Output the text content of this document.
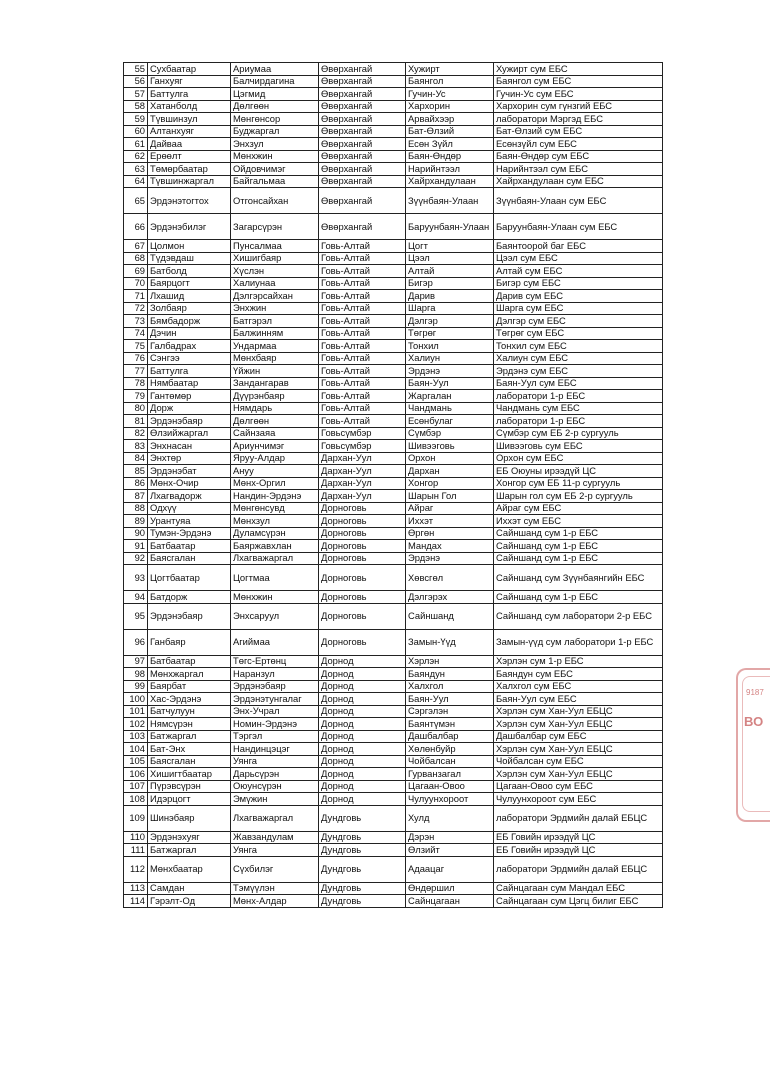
55	Сухбаатар	Ариумаа	Өвөрхангай	Хужирт	Хужирт сум ЕБС
56	Ганхуяг	Балчирдагина	Өвөрхангай	Баянгол	Баянгол сум ЕБС
57	Баттулга	Цэгмид	Өвөрхангай	Гучин-Ус	Гучин-Ус сум ЕБС
58	Хатанболд	Дөлгөөн	Өвөрхангай	Хархорин	Хархорин сум гүнзгий ЕБС
59	Түвшинзул	Мөнгөнсор	Өвөрхангай	Арвайхээр	лаборатори Мэргэд ЕБС
60	Алтанхуяг	Буджаргал	Өвөрхангай	Бат-Өлзий	Бат-Өлзий сум ЕБС
61	Дайваа	Энхзул	Өвөрхангай	Есөн Зүйл	Есөнзүйл сум ЕБС
62	Ерөөлт	Мөнхжин	Өвөрхангай	Баян-Өндөр	Баян-Өндөр сум ЕБС
63	Төмөрбаатар	Ойдовчимэг	Өвөрхангай	Нарийнтээл	Нарийнтээл сум ЕБС
64	Түвшинжаргал	Байгальмаа	Өвөрхангай	Хайрхандулаан	Хайрхандулаан сум ЕБС
65	Эрдэнэтогтох	Отгонсайхан	Өвөрхангай	Зүүнбаян-Улаан	Зүүнбаян-Улаан сум ЕБС
66	Эрдэнэбилэг	Загарсүрэн	Өвөрхангай	Баруунбаян-Улаан	Баруунбаян-Улаан сум ЕБС
67	Цолмон	Пунсалмаа	Говь-Алтай	Цогт	Баянтоорой баг ЕБС
68	Түдэвдаш	Хишигбаяр	Говь-Алтай	Цээл	Цээл сум ЕБС
69	Батболд	Хүслэн	Говь-Алтай	Алтай	Алтай сум ЕБС
70	Баярцогт	Халиунаа	Говь-Алтай	Бигэр	Бигэр сум ЕБС
71	Лхашид	Дэлгэрсайхан	Говь-Алтай	Дарив	Дарив сум ЕБС
72	Золбаяр	Энхжин	Говь-Алтай	Шарга	Шарга сум ЕБС
73	Бямбадорж	Батгэрэл	Говь-Алтай	Дэлгэр	Дэлгэр сум ЕБС
74	Дэчин	Балжинням	Говь-Алтай	Төгрөг	Төгрөг сум ЕБС
75	Галбадрах	Ундармаа	Говь-Алтай	Тонхил	Тонхил сум ЕБС
76	Сэнгээ	Мөнхбаяр	Говь-Алтай	Халиун	Халиун сум ЕБС
77	Баттулга	Үйжин	Говь-Алтай	Эрдэнэ	Эрдэнэ сум ЕБС
78	Нямбаатар	Зандангарав	Говь-Алтай	Баян-Уул	Баян-Уул сум ЕБС
79	Гантөмөр	Дүүрэнбаяр	Говь-Алтай	Жаргалан	лаборатори 1-р ЕБС
80	Дорж	Нямдарь	Говь-Алтай	Чандмань	Чандмань сум ЕБС
81	Эрдэнэбаяр	Дөлгөөн	Говь-Алтай	Есөнбулаг	лаборатори 1-р ЕБС
82	Өлзийжаргал	Сайнзаяа	Говьсүмбэр	Сүмбэр	Сүмбэр сум ЕБ 2-р сургууль
83	Энхнасан	Ариунчимэг	Говьсүмбэр	Шивээговь	Шивээговь сум ЕБС
84	Энхтөр	Яруу-Алдар	Дархан-Уул	Орхон	Орхон сум ЕБС
85	Эрдэнэбат	Ануу	Дархан-Уул	Дархан	ЕБ Оюуны ирээдүй ЦС
86	Мөнх-Очир	Мөнх-Оргил	Дархан-Уул	Хонгор	Хонгор сум ЕБ 11-р сургууль
87	Лхагвадорж	Нандин-Эрдэнэ	Дархан-Уул	Шарын Гол	Шарын гол сум ЕБ 2-р сургууль
88	Одхүү	Мөнгөнсувд	Дорноговь	Айраг	Айраг сум ЕБС
89	Урантуяа	Мөнхзул	Дорноговь	Иххэт	Иххэт сум ЕБС
90	Тумэн-Эрдэнэ	Дуламсүрэн	Дорноговь	Өргөн	Сайншанд сум 1-р ЕБС
91	Батбаатар	Баяржавхлан	Дорноговь	Мандах	Сайншанд сум 1-р ЕБС
92	Баясгалан	Лхагважаргал	Дорноговь	Эрдэнэ	Сайншанд сум 1-р ЕБС
93	Цогтбаатар	Цогтмаа	Дорноговь	Хөвсгөл	Сайншанд сум Зүүнбаянгийн ЕБС
94	Батдорж	Мөнхжин	Дорноговь	Дэлгэрэх	Сайншанд сум 1-р ЕБС
95	Эрдэнэбаяр	Энхсаруул	Дорноговь	Сайншанд	Сайншанд сум лаборатори 2-р ЕБС
96	Ганбаяр	Агиймаа	Дорноговь	Замын-Үүд	Замын-үүд сум лаборатори 1-р ЕБС
97	Батбаатар	Төгс-Ертөнц	Дорнод	Хэрлэн	Хэрлэн сум 1-р ЕБС
98	Мөнхжаргал	Наранзул	Дорнод	Баяндун	Баяндун сум ЕБС
99	Баярбат	Эрдэнэбаяр	Дорнод	Халхгол	Халхгол сум ЕБС
100	Хас-Эрдэнэ	Эрдэнэтунгалаг	Дорнод	Баян-Уул	Баян-Уул сум ЕБС
101	Батчулуун	Энх-Учрал	Дорнод	Сэргэлэн	Хэрлэн сум Хан-Уул ЕБЦС
102	Нямсүрэн	Номин-Эрдэнэ	Дорнод	Баянтүмэн	Хэрлэн сум Хан-Уул ЕБЦС
103	Батжаргал	Тэргэл	Дорнод	Дашбалбар	Дашбалбар сум ЕБС
104	Бат-Энх	Нандинцэцэг	Дорнод	Хөлөнбуйр	Хэрлэн сум Хан-Уул ЕБЦС
105	Баясгалан	Уянга	Дорнод	Чойбалсан	Чойбалсан сум ЕБС
106	Хишигтбаатар	Дарьсүрэн	Дорнод	Гурванзагал	Хэрлэн сум Хан-Уул ЕБЦС
107	Пүрэвсүрэн	Оюунсүрэн	Дорнод	Цагаан-Овоо	Цагаан-Овоо сум ЕБС
108	Идэрцогт	Эмүжин	Дорнод	Чулуунхороот	Чулуунхороот сум ЕБС
109	Шинэбаяр	Лхагважаргал	Дундговь	Хулд	лаборатори Эрдмийн далай ЕБЦС
110	Эрдэнэхуяг	Жавзандулам	Дундговь	Дэрэн	ЕБ Говийн ирээдүй ЦС
111	Батжаргал	Уянга	Дундговь	Өлзийт	ЕБ Говийн ирээдүй ЦС
112	Мөнхбаатар	Сүхбилэг	Дундговь	Адаацаг	лаборатори Эрдмийн далай ЕБЦС
113	Самдан	Тэмүүлэн	Дундговь	Өндөршил	Сайнцагаан сум Мандал ЕБС
114	Гэрэлт-Од	Мөнх-Алдар	Дундговь	Сайнцагаан	Сайнцагаан сум Цэгц билиг ЕБС
9187
ВО
